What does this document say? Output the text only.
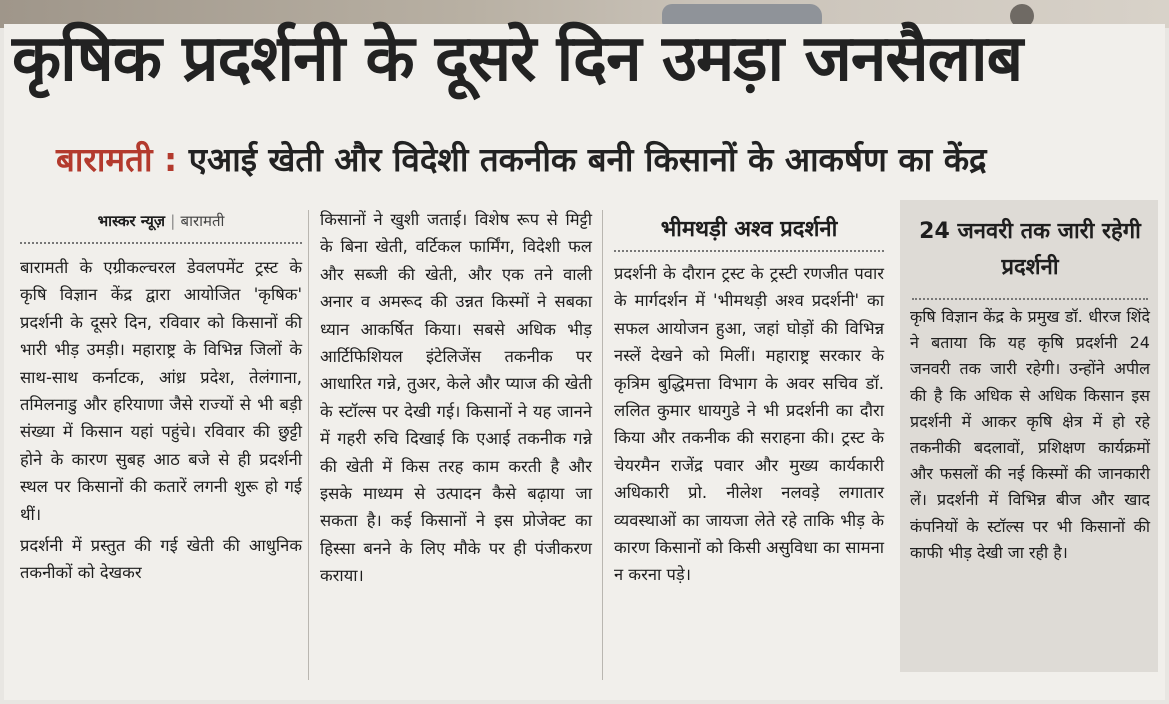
कृषिक प्रदर्शनी के दूसरे दिन उमड़ा जनसैलाब
बारामती : एआई खेती और विदेशी तकनीक बनी किसानों के आकर्षण का केंद्र
भास्कर न्यूज़ | बारामती

बारामती के एग्रीकल्चरल डेवलपमेंट ट्रस्ट के कृषि विज्ञान केंद्र द्वारा आयोजित 'कृषिक' प्रदर्शनी के दूसरे दिन, रविवार को किसानों की भारी भीड़ उमड़ी। महाराष्ट्र के विभिन्न जिलों के साथ-साथ कर्नाटक, आंध्र प्रदेश, तेलंगाना, तमिलनाडु और हरियाणा जैसे राज्यों से भी बड़ी संख्या में किसान यहां पहुंचे। रविवार की छुट्टी होने के कारण सुबह आठ बजे से ही प्रदर्शनी स्थल पर किसानों की कतारें लगनी शुरू हो गई थीं।

प्रदर्शनी में प्रस्तुत की गई खेती की आधुनिक तकनीकों को देखकर

किसानों ने खुशी जताई। विशेष रूप से मिट्टी के बिना खेती, वर्टिकल फार्मिंग, विदेशी फल और सब्जी की खेती, और एक तने वाली अनार व अमरूद की उन्नत किस्मों ने सबका ध्यान आकर्षित किया। सबसे अधिक भीड़ आर्टिफिशियल इंटेलिजेंस तकनीक पर आधारित गन्ने, तुअर, केले और प्याज की खेती के स्टॉल्स पर देखी गई। किसानों ने यह जानने में गहरी रुचि दिखाई कि एआई तकनीक गन्ने की खेती में किस तरह काम करती है और इसके माध्यम से उत्पादन कैसे बढ़ाया जा सकता है। कई किसानों ने इस प्रोजेक्ट का हिस्सा बनने के लिए मौके पर ही पंजीकरण कराया।

भीमथड़ी अश्व प्रदर्शनी

प्रदर्शनी के दौरान ट्रस्ट के ट्रस्टी रणजीत पवार के मार्गदर्शन में 'भीमथड़ी अश्व प्रदर्शनी' का सफल आयोजन हुआ, जहां घोड़ों की विभिन्न नस्लें देखने को मिलीं। महाराष्ट्र सरकार के कृत्रिम बुद्धिमत्ता विभाग के अवर सचिव डॉ. ललित कुमार धायगुडे ने भी प्रदर्शनी का दौरा किया और तकनीक की सराहना की। ट्रस्ट के चेयरमैन राजेंद्र पवार और मुख्य कार्यकारी अधिकारी प्रो. नीलेश नलवड़े लगातार व्यवस्थाओं का जायजा लेते रहे ताकि भीड़ के कारण किसानों को किसी असुविधा का सामना न करना पड़े।

24 जनवरी तक जारी रहेगी प्रदर्शनी
कृषि विज्ञान केंद्र के प्रमुख डॉ. धीरज शिंदे ने बताया कि यह कृषि प्रदर्शनी 24 जनवरी तक जारी रहेगी। उन्होंने अपील की है कि अधिक से अधिक किसान इस प्रदर्शनी में आकर कृषि क्षेत्र में हो रहे तकनीकी बदलावों, प्रशिक्षण कार्यक्रमों और फसलों की नई किस्मों की जानकारी लें। प्रदर्शनी में विभिन्न बीज और खाद कंपनियों के स्टॉल्स पर भी किसानों की काफी भीड़ देखी जा रही है।
